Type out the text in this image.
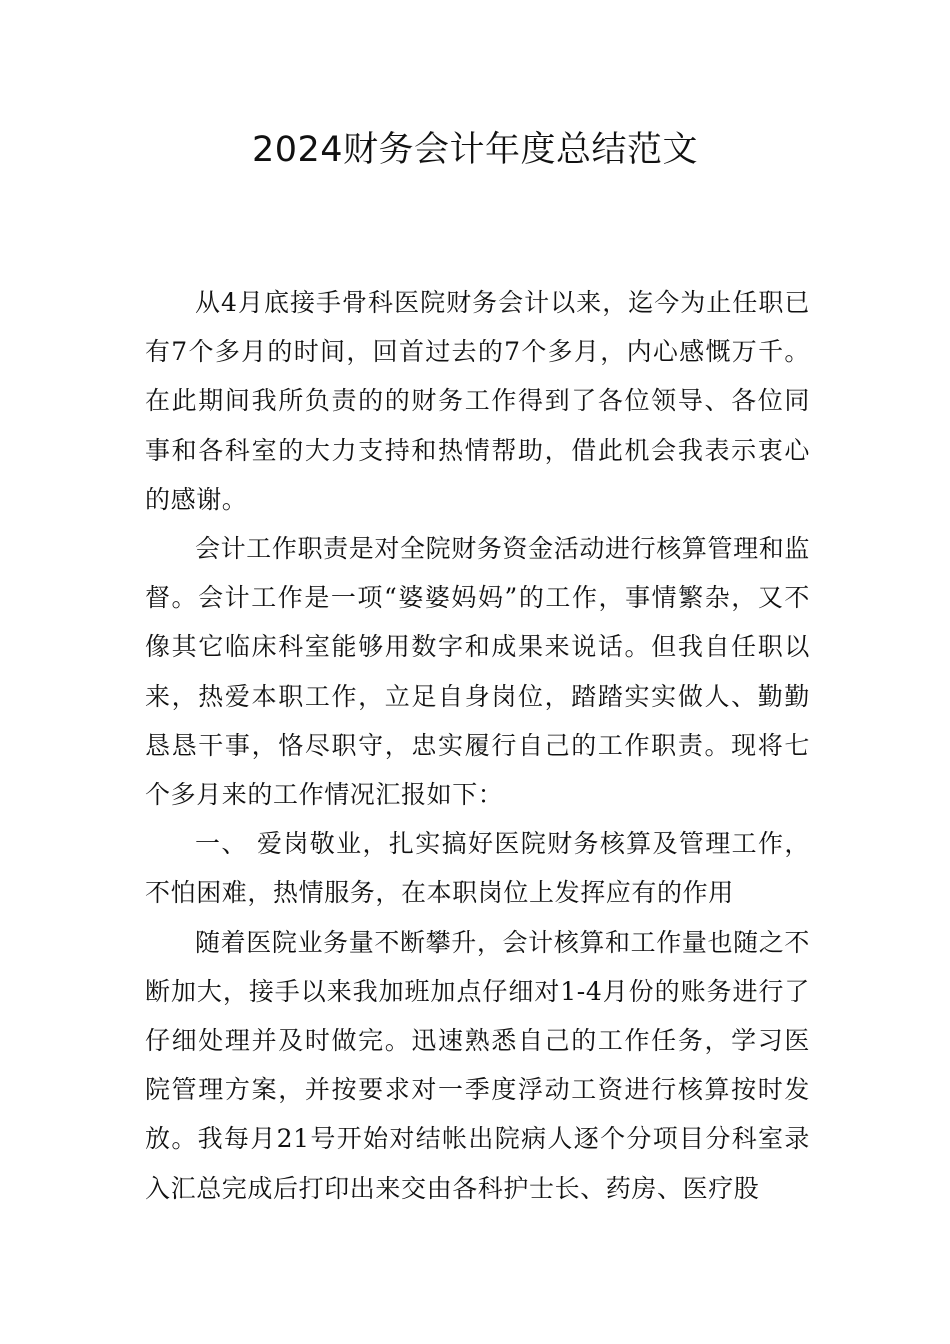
2024财务会计年度总结范文

从4月底接手骨科医院财务会计以来，迄今为止任职已有7个多月的时间，回首过去的7个多月，内心感慨万千。在此期间我所负责的的财务工作得到了各位领导、各位同事和各科室的大力支持和热情帮助，借此机会我表示衷心的感谢。

会计工作职责是对全院财务资金活动进行核算管理和监督。会计工作是一项“婆婆妈妈”的工作，事情繁杂，又不像其它临床科室能够用数字和成果来说话。但我自任职以来，热爱本职工作，立足自身岗位，踏踏实实做人、勤勤恳恳干事，恪尽职守，忠实履行自己的工作职责。现将七个多月来的工作情况汇报如下：

一、 爱岗敬业，扎实搞好医院财务核算及管理工作，不怕困难，热情服务，在本职岗位上发挥应有的作用

随着医院业务量不断攀升，会计核算和工作量也随之不断加大，接手以来我加班加点仔细对1-4月份的账务进行了仔细处理并及时做完。迅速熟悉自己的工作任务，学习医院管理方案，并按要求对一季度浮动工资进行核算按时发放。我每月21号开始对结帐出院病人逐个分项目分科室录入汇总完成后打印出来交由各科护士长、药房、医疗股
